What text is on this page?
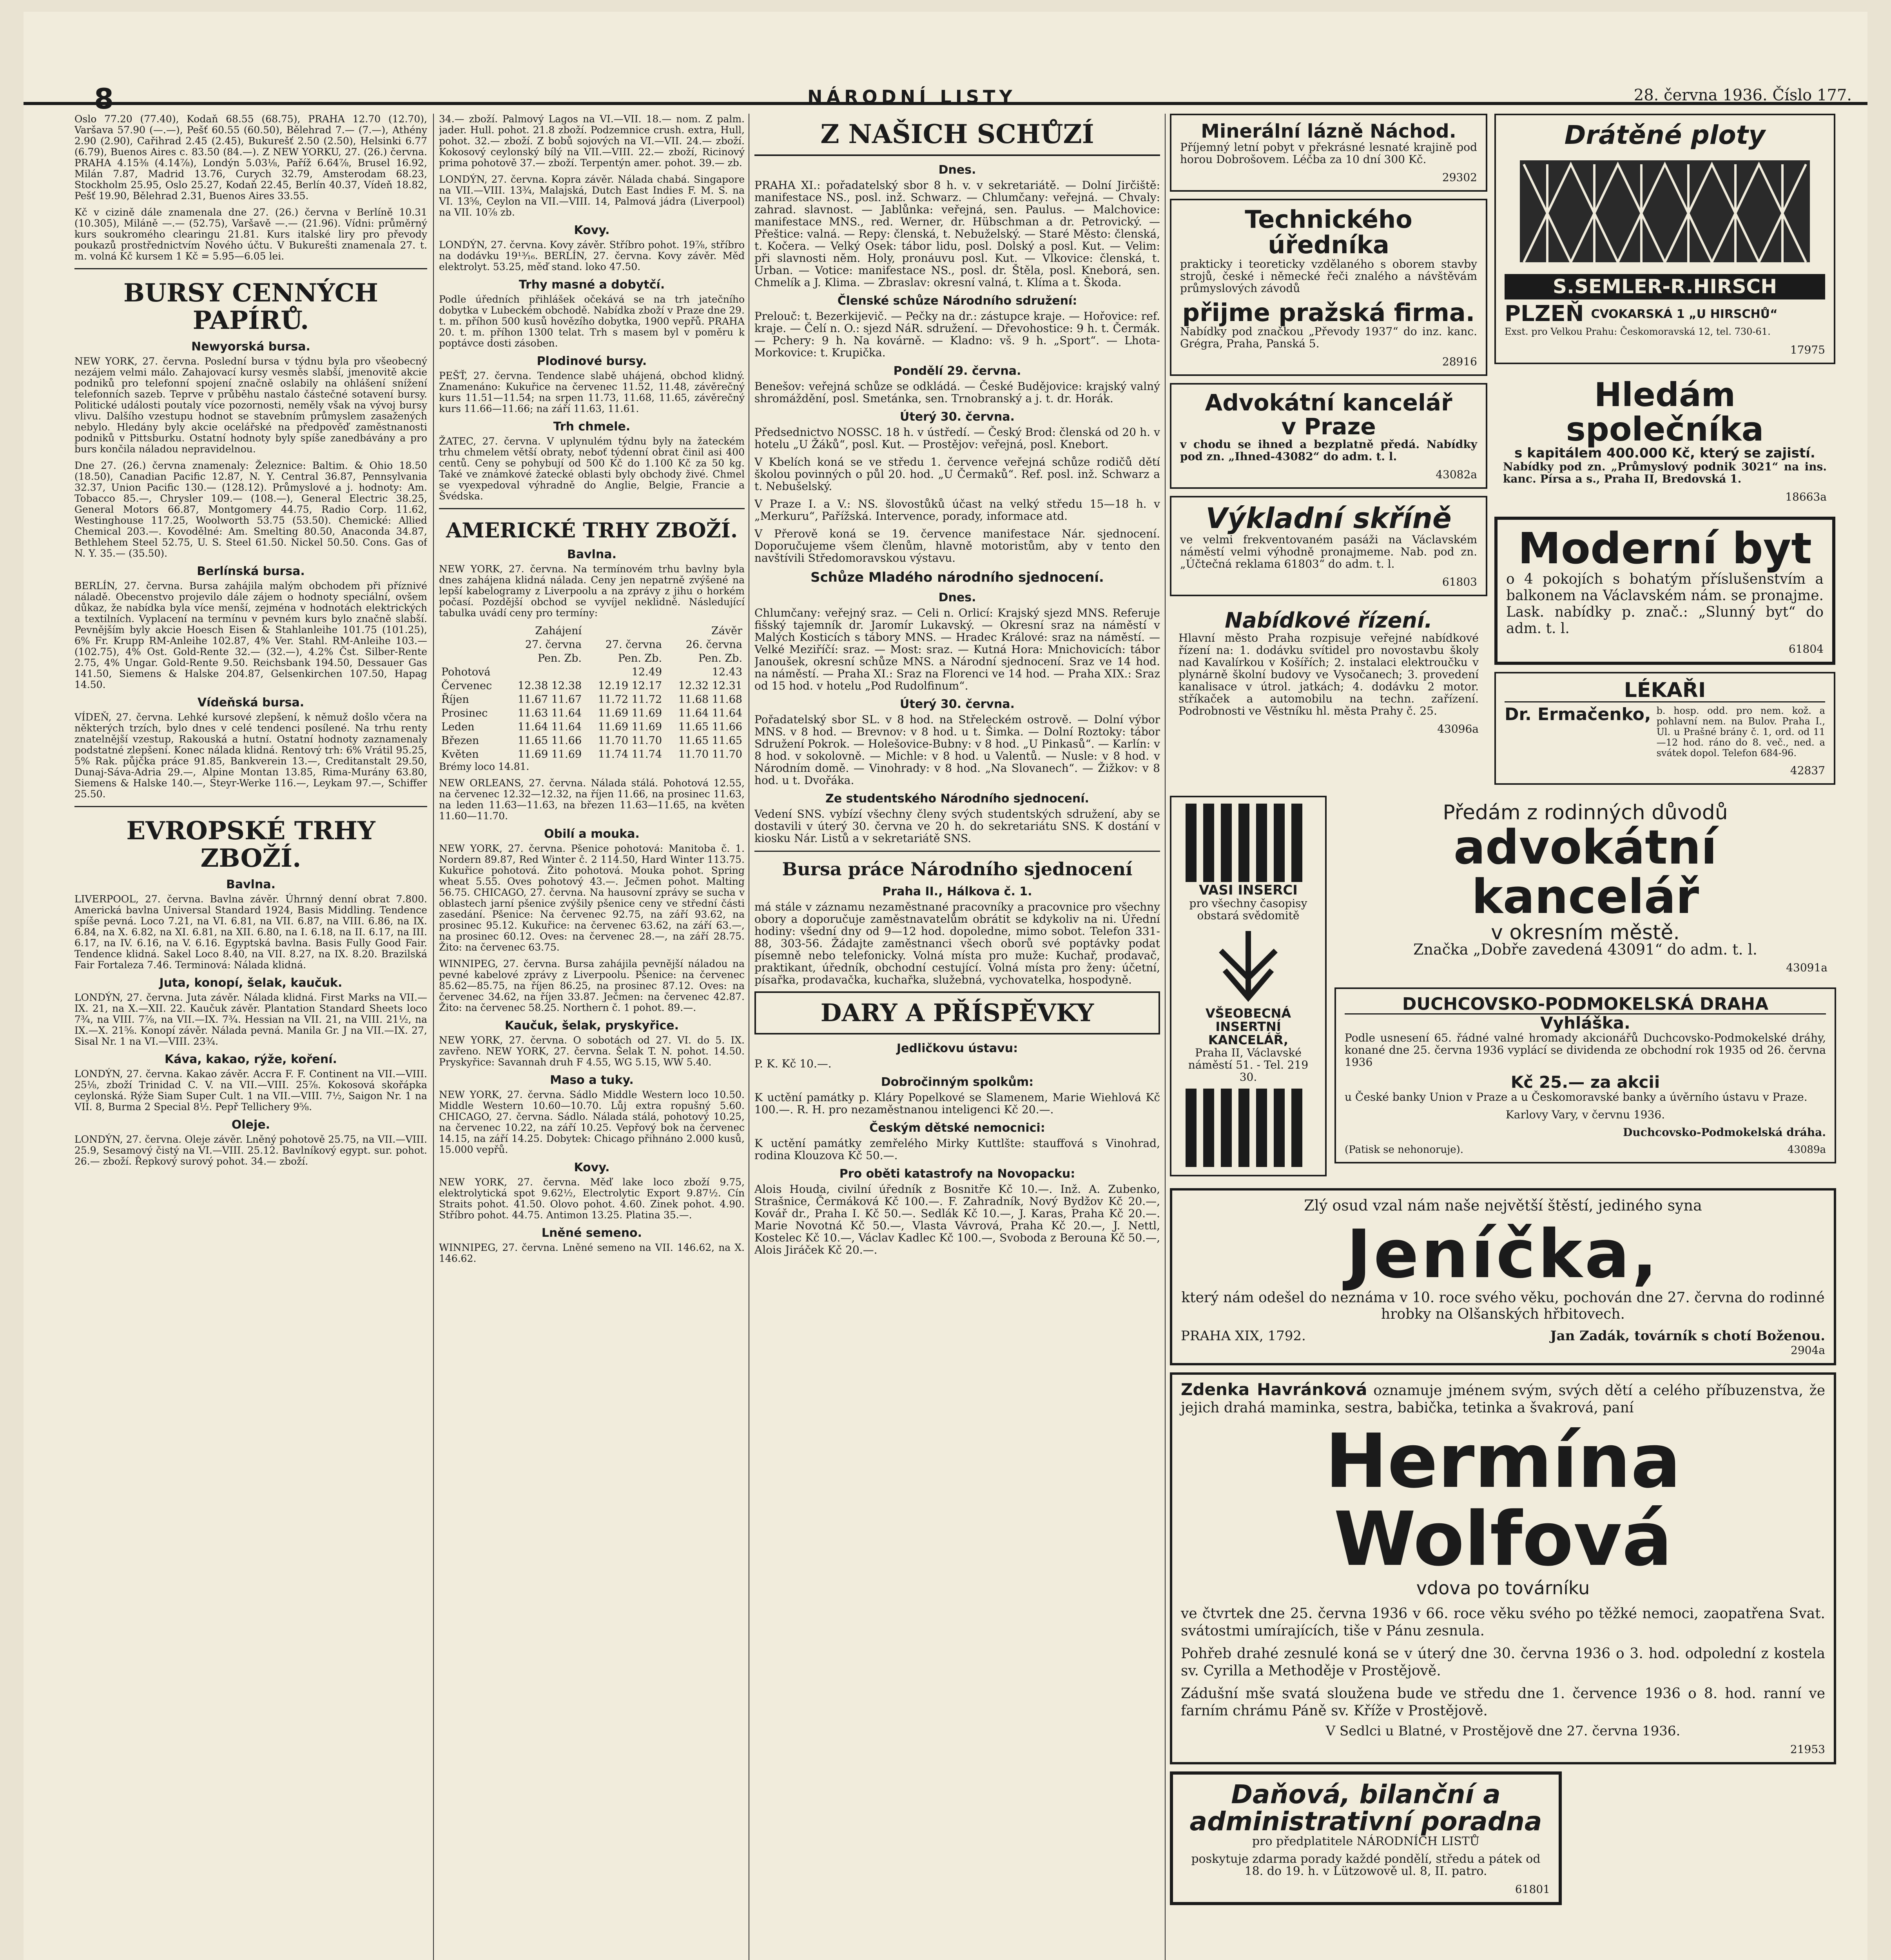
8	NÁRODNÍ LISTY	28. června 1936. Číslo 177.

Oslo 77.20 (77.40), Kodaň 68.55 (68.75), PRAHA 12.70 (12.70), Varšava 57.90 (—.—), Pešť 60.55 (60.50), Bělehrad 7.— (7.—), Athény 2.90 (2.90), Cařihrad 2.45 (2.45), Bukurešť 2.50 (2.50), Helsinki 6.77 (6.79), Buenos Aires c. 83.50 (84.—). Z NEW YORKU, 27. (26.) června. PRAHA 4.15⅜ (4.14⅞), Londýn 5.03⅛, Paříž 6.64⅞, Brusel 16.92, Milán 7.87, Madrid 13.76, Curych 32.79, Amsterodam 68.23, Stockholm 25.95, Oslo 25.27, Kodaň 22.45, Berlín 40.37, Vídeň 18.82, Pešť 19.90, Bělehrad 2.31, Buenos Aires 33.55.

Kč v cizině dále znamenala dne 27. (26.) června v Berlíně 10.31 (10.305), Miláně —.— (52.75), Varšavě —.— (21.96). Vídni: průměrný kurs soukromého clearingu 21.81. Kurs italské liry pro převody poukazů prostřednictvím Nového účtu. V Bukurešti znamenala 27. t. m. volná Kč kursem 1 Kč = 5.95—6.05 lei.

BURSY CENNÝCH PAPÍRŮ.
Newyorská bursa.

NEW YORK, 27. června. Poslední bursa v týdnu byla pro všeobecný nezájem velmi málo. Zahajovací kursy vesměs slabší, jmenovitě akcie podniků pro telefonní spojení značně oslabily na ohlášení snížení telefonních sazeb. Teprve v průběhu nastalo částečné sotavení bursy. Politické události poutaly více pozornosti, neměly však na vývoj bursy vlivu. Dalšího vzestupu hodnot se stavebním průmyslem zasažených nebylo. Hledány byly akcie ocelářské na předpověď zaměstnanosti podniků v Pittsburku. Ostatní hodnoty byly spíše zanedbávány a pro burs končila náladou nepravidelnou.

Dne 27. (26.) června znamenaly: Železnice: Baltim. & Ohio 18.50 (18.50), Canadian Pacific 12.87, N. Y. Central 36.87, Pennsylvania 32.37, Union Pacific 130.— (128.12). Průmyslové a j. hodnoty: Am. Tobacco 85.—, Chrysler 109.— (108.—), General Electric 38.25, General Motors 66.87, Montgomery 44.75, Radio Corp. 11.62, Westinghouse 117.25, Woolworth 53.75 (53.50). Chemické: Allied Chemical 203.—. Kovodělné: Am. Smelting 80.50, Anaconda 34.87, Bethlehem Steel 52.75, U. S. Steel 61.50. Nickel 50.50. Cons. Gas of N. Y. 35.— (35.50).

Berlínská bursa.

BERLÍN, 27. června. Bursa zahájila malým obchodem při příznivé náladě. Obecenstvo projevilo dále zájem o hodnoty speciální, ovšem důkaz, že nabídka byla více menší, zejména v hodnotách elektrických a textilních. Vyplacení na termínu v pevném kurs bylo značně slabší. Pevnějším byly akcie Hoesch Eisen & Stahlanleihe 101.75 (101.25), 6% Fr. Krupp RM-Anleihe 102.87, 4% Ver. Stahl. RM-Anleihe 103.— (102.75), 4% Ost. Gold-Rente 32.— (32.—), 4.2% Čst. Silber-Rente 2.75, 4% Ungar. Gold-Rente 9.50. Reichsbank 194.50, Dessauer Gas 141.50, Siemens & Halske 204.87, Gelsenkirchen 107.50, Hapag 14.50.

Vídeňská bursa.

VÍDEŇ, 27. června. Lehké kursové zlepšení, k němuž došlo včera na některých trzích, bylo dnes v celé tendenci posílené. Na trhu renty znatelnější vzestup, Rakouská a hutní. Ostatní hodnoty zaznamenaly podstatné zlepšení. Konec nálada klidná. Rentový trh: 6% Vrátil 95.25, 5% Rak. půjčka práce 91.85, Bankverein 13.—, Creditanstalt 29.50, Dunaj-Sáva-Adria 29.—, Alpine Montan 13.85, Rima-Murány 63.80, Siemens & Halske 140.—, Steyr-Werke 116.—, Leykam 97.—, Schiffer 25.50.

EVROPSKÉ TRHY ZBOŽÍ.
Bavlna.

LIVERPOOL, 27. června. Bavlna závěr. Úhrnný denní obrat 7.800. Americká bavlna Universal Standard 1924, Basis Middling. Tendence spíše pevná. Loco 7.21, na VI. 6.81, na VII. 6.87, na VIII. 6.86, na IX. 6.84, na X. 6.82, na XI. 6.81, na XII. 6.80, na I. 6.18, na II. 6.17, na III. 6.17, na IV. 6.16, na V. 6.16. Egyptská bavlna. Basis Fully Good Fair. Tendence klidná. Sakel Loco 8.40, na VII. 8.27, na IX. 8.20. Brazilská Fair Fortaleza 7.46. Terminová: Nálada klidná.

Juta, konopí, šelak, kaučuk.

LONDÝN, 27. června. Juta závěr. Nálada klidná. First Marks na VII.—IX. 21, na X.—XII. 22. Kaučuk závěr. Plantation Standard Sheets loco 7¾, na VIII. 7⅞, na VII.—IX. 7¾. Hessian na VII. 21, na VIII. 21½, na IX.—X. 21⅝. Konopí závěr. Nálada pevná. Manila Gr. J na VII.—IX. 27, Sisal Nr. 1 na VI.—VIII. 23¾.

Káva, kakao, rýže, koření.

LONDÝN, 27. června. Kakao závěr. Accra F. F. Continent na VII.—VIII. 25⅛, zboží Trinidad C. V. na VII.—VIII. 25⅞. Kokosová skořápka ceylonská. Rýže Siam Super Cult. 1 na VII.—VIII. 7½, Saigon Nr. 1 na VII. 8, Burma 2 Special 8½. Pepř Tellichery 9⅝.

Oleje.

LONDÝN, 27. června. Oleje závěr. Lněný pohotově 25.75, na VII.—VIII. 25.9, Sesamový čistý na VI.—VIII. 25.12. Bavlníkový egypt. sur. pohot. 26.— zboží. Řepkový surový pohot. 34.— zboží.

34.— zboží. Palmový Lagos na VI.—VII. 18.— nom. Z palm. jader. Hull. pohot. 21.8 zboží. Podzemnice crush. extra, Hull, pohot. 32.— zboží. Z bobů sojových na VI.—VII. 24.— zboží. Kokosový ceylonský bílý na VII.—VIII. 22.— zboží, Ricinový prima pohotově 37.— zboží. Terpentýn amer. pohot. 39.— zb.

LONDÝN, 27. června. Kopra závěr. Nálada chabá. Singapore na VII.—VIII. 13¾, Malajská, Dutch East Indies F. M. S. na VI. 13⅝, Ceylon na VII.—VIII. 14, Palmová jádra (Liverpool) na VII. 10⅞ zb.

Kovy.

LONDÝN, 27. června. Kovy závěr. Stříbro pohot. 19⅞, stříbro na dodávku 19¹³⁄₁₆. BERLÍN, 27. června. Kovy závěr. Měď elektrolyt. 53.25, měď stand. loko 47.50.

Trhy masné a dobytčí.

Podle úředních přihlášek očekává se na trh jatečního dobytka v Lubeckém obchodě. Nabídka zboží v Praze dne 29. t. m. příhon 500 kusů hovězího dobytka, 1900 vepřů. PRAHA 20. t. m. příhon 1300 telat. Trh s masem byl v poměru k poptávce dosti zásoben.

Plodinové bursy.

PEŠŤ, 27. června. Tendence slabě uhájená, obchod klidný. Znamenáno: Kukuřice na červenec 11.52, 11.48, závěrečný kurs 11.51—11.54; na srpen 11.73, 11.68, 11.65, závěrečný kurs 11.66—11.66; na září 11.63, 11.61.

Trh chmele.

ŽATEC, 27. června. V uplynulém týdnu byly na žateckém trhu chmelem větší obraty, neboť týdenní obrat činil asi 400 centů. Ceny se pohybují od 500 Kč do 1.100 Kč za 50 kg. Také ve známkové žatecké oblasti byly obchody živé. Chmel se vyexpedoval výhradně do Anglie, Belgie, Francie a Švédska.

AMERICKÉ TRHY ZBOŽÍ.
Bavlna.

NEW YORK, 27. června. Na termínovém trhu bavlny byla dnes zahájena klidná nálada. Ceny jen nepatrně zvýšené na lepší kabelogramy z Liverpoolu a na zprávy z jihu o horkém počasí. Pozdější obchod se vyvíjel neklidně. Následující tabulka uvádí ceny pro termíny:

	Zahájení	Závěr	
	27. června	27. června	26. června
	Pen. Zb.	Pen. Zb.	Pen. Zb.
Pohotová		12.49	12.43
Červenec	12.38 12.38	12.19 12.17	12.32 12.31
Říjen	11.67 11.67	11.72 11.72	11.68 11.68
Prosinec	11.63 11.64	11.69 11.69	11.64 11.64
Leden	11.64 11.64	11.69 11.69	11.65 11.66
Březen	11.65 11.66	11.70 11.70	11.65 11.65
Květen	11.69 11.69	11.74 11.74	11.70 11.70

Brémy loco 14.81.

NEW ORLEANS, 27. června. Nálada stálá. Pohotová 12.55, na červenec 12.32—12.32, na říjen 11.66, na prosinec 11.63, na leden 11.63—11.63, na březen 11.63—11.65, na květen 11.60—11.70.

Obilí a mouka.

NEW YORK, 27. června. Pšenice pohotová: Manitoba č. 1. Nordern 89.87, Red Winter č. 2 114.50, Hard Winter 113.75. Kukuřice pohotová. Žito pohotová. Mouka pohot. Spring wheat 5.55. Oves pohotový 43.—. Ječmen pohot. Malting 56.75. CHICAGO, 27. června. Na hausovní zprávy se sucha v oblastech jarní pšenice zvýšily pšenice ceny ve střední části zasedání. Pšenice: Na červenec 92.75, na září 93.62, na prosinec 95.12. Kukuřice: na červenec 63.62, na září 63.—, na prosinec 60.12. Oves: na červenec 28.—, na září 28.75. Žito: na červenec 63.75.

WINNIPEG, 27. června. Bursa zahájila pevnější náladou na pevné kabelové zprávy z Liverpoolu. Pšenice: na červenec 85.62—85.75, na říjen 86.25, na prosinec 87.12. Oves: na červenec 34.62, na říjen 33.87. Ječmen: na červenec 42.87. Žito: na červenec 58.25. Northern č. 1 pohot. 89.—.

Kaučuk, šelak, pryskyřice.

NEW YORK, 27. června. O sobotách od 27. VI. do 5. IX. zavřeno. NEW YORK, 27. června. Šelak T. N. pohot. 14.50. Pryskyřice: Savannah druh F 4.55, WG 5.15, WW 5.40.

Maso a tuky.

NEW YORK, 27. června. Sádlo Middle Western loco 10.50. Middle Western 10.60—10.70. Lůj extra ropušný 5.60. CHICAGO, 27. června. Sádlo. Nálada stálá, pohotový 10.25, na červenec 10.22, na září 10.25. Vepřový bok na červenec 14.15, na září 14.25. Dobytek: Chicago přihnáno 2.000 kusů, 15.000 vepřů.

Kovy.

NEW YORK, 27. června. Měď lake loco zboží 9.75, elektrolytická spot 9.62½, Electrolytic Export 9.87½. Cín Straits pohot. 41.50. Olovo pohot. 4.60. Zinek pohot. 4.90. Stříbro pohot. 44.75. Antimon 13.25. Platina 35.—.

Lněné semeno.

WINNIPEG, 27. června. Lněné semeno na VII. 146.62, na X. 146.62.

Z NAŠICH SCHŮZÍ
Dnes.

PRAHA XI.: pořadatelský sbor 8 h. v. v sekretariátě. — Dolní Jirčiště: manifestace NS., posl. inž. Schwarz. — Chlumčany: veřejná. — Chvaly: zahrad. slavnost. — Jablůnka: veřejná, sen. Paulus. — Malchovice: manifestace MNS., red. Werner, dr. Hübschman a dr. Petrovický. — Přeštice: valná. — Repy: členská, t. Nebuželský. — Staré Město: členská, t. Kočera. — Velký Osek: tábor lidu, posl. Dolský a posl. Kut. — Velim: při slavnosti něm. Holy, pronáuvu posl. Kut. — Vlkovice: členská, t. Urban. — Votice: manifestace NS., posl. dr. Štěla, posl. Kneborá, sen. Chmelík a J. Klima. — Zbraslav: okresní valná, t. Klíma a t. Škoda.

Členské schůze Národního sdružení:

Prelouč: t. Bezerkijevič. — Pečky na dr.: zástupce kraje. — Hořovice: ref. kraje. — Čelí n. O.: sjezd NáR. sdružení. — Dřevohostice: 9 h. t. Čermák. — Pchery: 9 h. Na kovárně. — Kladno: vš. 9 h. „Sport“. — Lhota-Morkovice: t. Krupička.

Pondělí 29. června.

Benešov: veřejná schůze se odkládá. — České Budějovice: krajský valný shromáždění, posl. Smetánka, sen. Trnobranský a j. t. dr. Horák.

Úterý 30. června.

Předsednictvo NOSSC. 18 h. v ústředí. — Český Brod: členská od 20 h. v hotelu „U Žáků“, posl. Kut. — Prostějov: veřejná, posl. Knebort.

V Kbelích koná se ve středu 1. července veřejná schůze rodičů dětí školou povinných o půl 20. hod. „U Čermaků“. Ref. posl. inž. Schwarz a t. Nebušelský.

V Praze I. a V.: NS. šlovostůků účast na velký středu 15—18 h. v „Merkuru“, Pařížská. Intervence, porady, informace atd.

V Přerově koná se 19. července manifestace Nár. sjednocení. Doporučujeme všem členům, hlavně motoristům, aby v tento den navštívili Středomoravskou výstavu.

Schůze Mladého národního sjednocení.
Dnes.

Chlumčany: veřejný sraz. — Celi n. Orlicí: Krajský sjezd MNS. Referuje fišský tajemník dr. Jaromír Lukavský. — Okresní sraz na náměstí v Malých Kosticích s tábory MNS. — Hradec Králové: sraz na náměstí. — Velké Meziříčí: sraz. — Most: sraz. — Kutná Hora: Mnichovicích: tábor Janoušek, okresní schůze MNS. a Národní sjednocení. Sraz ve 14 hod. na náměstí. — Praha XI.: Sraz na Florenci ve 14 hod. — Praha XIX.: Sraz od 15 hod. v hotelu „Pod Rudolfinum“.

Úterý 30. června.

Pořadatelský sbor SL. v 8 hod. na Střeleckém ostrově. — Dolní výbor MNS. v 8 hod. — Brevnov: v 8 hod. u t. Šimka. — Dolní Roztoky: tábor Sdružení Pokrok. — Holešovice-Bubny: v 8 hod. „U Pinkasů“. — Karlín: v 8 hod. v sokolovně. — Michle: v 8 hod. u Valentů. — Nusle: v 8 hod. v Národním domě. — Vinohrady: v 8 hod. „Na Slovanech“. — Žižkov: v 8 hod. u t. Dvořáka.

Ze studentského Národního sjednocení.

Vedení SNS. vybízí všechny členy svých studentských sdružení, aby se dostavili v úterý 30. června ve 20 h. do sekretariátu SNS. K dostání v kiosku Nár. Listů a v sekretariátě SNS.

Bursa práce Národního sjednocení
Praha II., Hálkova č. 1.

má stále v záznamu nezaměstnané pracovníky a pracovnice pro všechny obory a doporučuje zaměstnavatelům obrátit se kdykoliv na ni. Úřední hodiny: všední dny od 9—12 hod. dopoledne, mimo sobot. Telefon 331-88, 303-56. Žádajte zaměstnanci všech oborů své poptávky podat písemně nebo telefonicky. Volná místa pro muže: Kuchař, prodavač, praktikant, úředník, obchodní cestující. Volná místa pro ženy: účetní, písařka, prodavačka, kuchařka, služebná, vychovatelka, hospodyně.

DARY A PŘÍSPĚVKY
Jedličkovu ústavu:

P. K. Kč 10.—.

Dobročinným spolkům:

K uctění památky p. Kláry Popelkové se Slamenem, Marie Wiehlová Kč 100.—. R. H. pro nezaměstnanou inteligenci Kč 20.—.

Českým dětské nemocnici:

K uctění památky zemřelého Mirky Kuttlšte: stauffová s Vinohrad, rodina Klouzova Kč 50.—.

Pro oběti katastrofy na Novopacku:

Alois Houda, civilní úředník z Bosnitře Kč 10.—. Inž. A. Zubenko, Strašnice, Čermáková Kč 100.—. F. Zahradník, Nový Bydžov Kč 20.—, Kovář dr., Praha I. Kč 50.—. Sedlák Kč 10.—, J. Karas, Praha Kč 20.—. Marie Novotná Kč 50.—, Vlasta Vávrová, Praha Kč 20.—, J. Nettl, Kostelec Kč 10.—, Václav Kadlec Kč 100.—, Svoboda z Berouna Kč 50.—, Alois Jiráček Kč 20.—.

Minerální lázně Náchod.

Příjemný letní pobyt v překrásné lesnaté krajině pod horou Dobrošovem. Léčba za 10 dní 300 Kč.

29302
Technického úředníka

prakticky i teoreticky vzdělaného s oborem stavby strojů, české i německé řeči znalého a návštěvám průmyslových závodů

přijme pražská firma.

Nabídky pod značkou „Převody 1937“ do inz. kanc. Grégra, Praha, Panská 5.

28916
Advokátní kancelář
v Praze

v chodu se ihned a bezplatně předá. Nabídky pod zn. „Ihned-43082“ do adm. t. l.

43082a
Výkladní skříně

ve velmi frekventovaném pasáži na Václavském náměstí velmi výhodně pronajmeme. Nab. pod zn. „Účtečná reklama 61803“ do adm. t. l.

61803
Nabídkové řízení.

Hlavní město Praha rozpisuje veřejné nabídkové řízení na: 1. dodávku svítidel pro novostavbu školy nad Kavalírkou v Košířích; 2. instalaci elektroučku v plynárně školní budovy ve Vysočanech; 3. provedení kanalisace v útrol. jatkách; 4. dodávku 2 motor. stříkaček a automobilu na techn. zařízení. Podrobnosti ve Věstníku hl. města Prahy č. 25.

43096a
Drátěné ploty
S.SEMLER-R.HIRSCH
PLZEŇ CVOKARSKÁ 1 „U HIRSCHŮ“

Exst. pro Velkou Prahu: Českomoravská 12, tel. 730-61.

17975
Hledám společníka
s kapitálem 400.000 Kč, který se zajistí.

Nabídky pod zn. „Průmyslový podnik 3021“ na ins. kanc. Pírsa a s., Praha II, Bredovská 1.

18663a
Moderní byt

o 4 pokojích s bohatým příslušenstvím a balkonem na Václavském nám. se pronajme. Lask. nabídky p. znač.: „Slunný byt“ do adm. t. l.

61804
LÉKAŘI
Dr. Ermačenko, b. hosp. odd. pro nem. kož. a pohlavní nem. na Bulov. Praha I., Ul. u Prašné brány č. 1, ord. od 11—12 hod. ráno do 8. več., ned. a svátek dopol. Telefon 684-96.

42837
VASI INSERCI

pro všechny časopisy obstará svědomitě

VŠEOBECNÁ INSERTNÍ KANCELÁŘ,

Praha II, Václavské náměstí 51. - Tel. 219 30.

Předám z rodinných důvodů
advokátní kancelář
v okresním městě.

Značka „Dobře zavedená 43091“ do adm. t. l.

43091a
DUCHCOVSKO-PODMOKELSKÁ DRAHA
Vyhláška.

Podle usnesení 65. řádné valné hromady akcionářů Duchcovsko-Podmokelské dráhy, konané dne 25. června 1936 vyplácí se dividenda ze obchodní rok 1935 od 26. června 1936

Kč 25.— za akcii

u České banky Union v Praze a u Českomoravské banky a úvěrního ústavu v Praze.

Karlovy Vary, v červnu 1936.

Duchcovsko-Podmokelská dráha.

(Patisk se nehonoruje).	43089a

Zlý osud vzal nám naše největší štěstí, jediného syna

Jeníčka,

který nám odešel do neznáma v 10. roce svého věku, pochován dne 27. června do rodinné hrobky na Olšanských hřbitovech.

PRAHA XIX, 1792.	Jan Zadák, továrník s chotí Boženou.
2904a

Zdenka Havránková oznamuje jménem svým, svých dětí a celého příbuzenstva, že jejich drahá maminka, sestra, babička, tetinka a švakrová, paní

Hermína Wolfová
vdova po továrníku

ve čtvrtek dne 25. června 1936 v 66. roce věku svého po těžké nemoci, zaopatřena Svat. svátostmi umírajících, tiše v Pánu zesnula.

Pohřeb drahé zesnulé koná se v úterý dne 30. června 1936 o 3. hod. odpolední z kostela sv. Cyrilla a Methoděje v Prostějově.

Zádušní mše svatá sloužena bude ve středu dne 1. července 1936 o 8. hod. ranní ve farním chrámu Páně sv. Kříže v Prostějově.

V Sedlci u Blatné, v Prostějově dne 27. června 1936.

21953
Daňová, bilanční a administrativní poradna

pro předplatitele NÁRODNÍCH LISTŮ

poskytuje zdarma porady každé pondělí, středu a pátek od 18. do 19. h. v Lützowově ul. 8, II. patro.

61801
